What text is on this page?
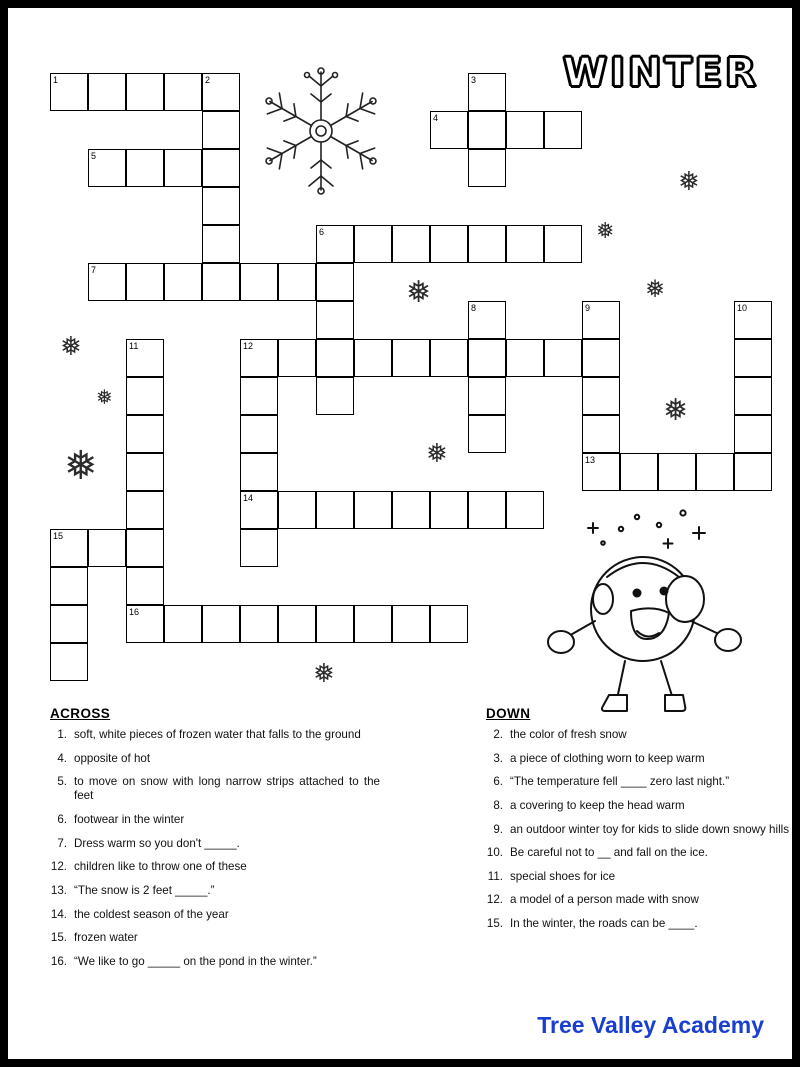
WINTER
1	2	3
4
5
6
7
8	9	10
11	12
13
14
15
16
❅
❅
❅	❅
❅
❅	❅
❅
❅
❅
ACROSS	DOWN
1. soft, white pieces of frozen water that falls to the ground
4. opposite of hot
5. to move on snow with long narrow strips attached to the feet
6. footwear in the winter
7. Dress warm so you don't _____.
12. children like to throw one of these
13. “The snow is 2 feet _____.”
14. the coldest season of the year
15. frozen water
16. “We like to go _____ on the pond in the winter.”
2. the color of fresh snow
3. a piece of clothing worn to keep warm
6. “The temperature fell ____ zero last night.”
8. a covering to keep the head warm
9. an outdoor winter toy for kids to slide down snowy hills
10. Be careful not to __ and fall on the ice.
11. special shoes for ice
12. a model of a person made with snow
15. In the winter, the roads can be ____.
Tree Valley Academy
